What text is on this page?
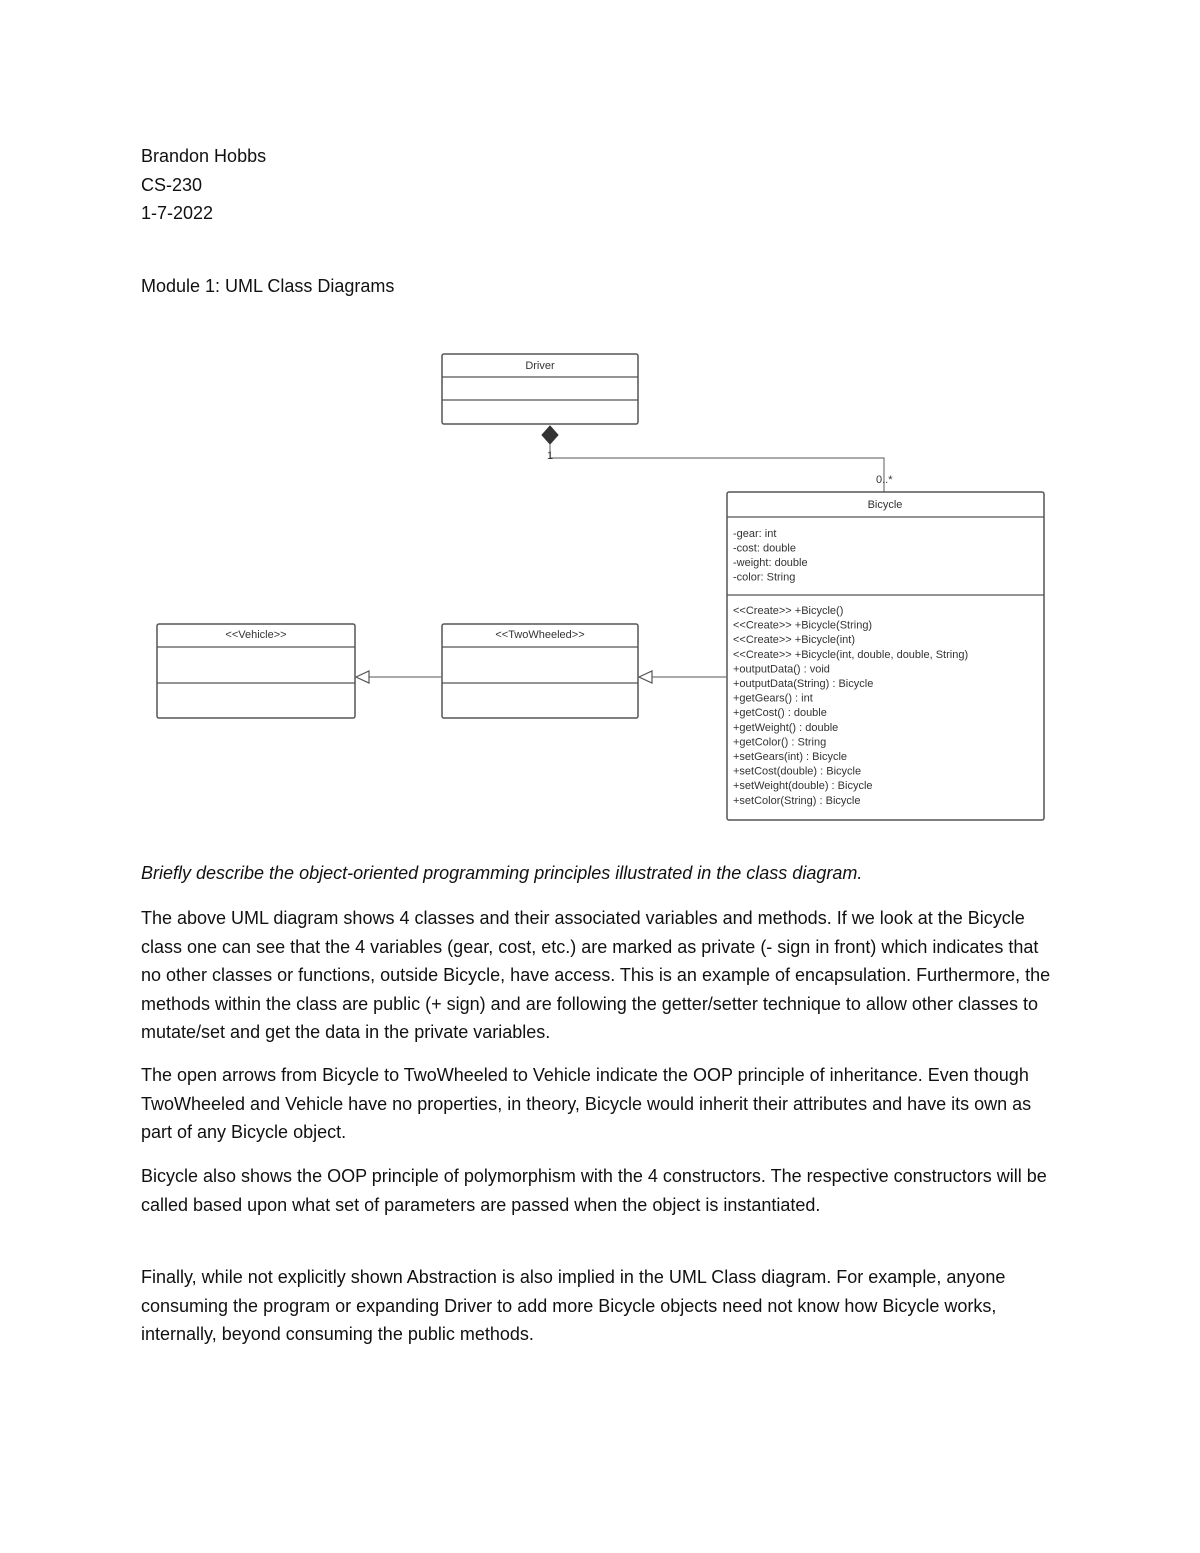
Brandon Hobbs
CS-230
1-7-2022
Module 1: UML Class Diagrams
Driver
1
0..*
Bicycle
-gear: int
-cost: double
-weight: double
-color: String
<<Create>> +Bicycle()
<<Create>> +Bicycle(String)
<<Create>> +Bicycle(int)
<<Create>> +Bicycle(int, double, double, String)
+outputData() : void
+outputData(String) : Bicycle
+getGears() : int
+getCost() : double
+getWeight() : double
+getColor() : String
+setGears(int) : Bicycle
+setCost(double) : Bicycle
+setWeight(double) : Bicycle
+setColor(String) : Bicycle
<<Vehicle>>	<<TwoWheeled>>

Briefly describe the object-oriented programming principles illustrated in the class diagram.

The above UML diagram shows 4 classes and their associated variables and methods. If we look at the Bicycle class one can see that the 4 variables (gear, cost, etc.) are marked as private (- sign in front) which indicates that no other classes or functions, outside Bicycle, have access. This is an example of encapsulation. Furthermore, the methods within the class are public (+ sign) and are following the getter/setter technique to allow other classes to mutate/set and get the data in the private variables.

The open arrows from Bicycle to TwoWheeled to Vehicle indicate the OOP principle of inheritance. Even though TwoWheeled and Vehicle have no properties, in theory, Bicycle would inherit their attributes and have its own as part of any Bicycle object.

Bicycle also shows the OOP principle of polymorphism with the 4 constructors. The respective constructors will be called based upon what set of parameters are passed when the object is instantiated.

Finally, while not explicitly shown Abstraction is also implied in the UML Class diagram. For example, anyone consuming the program or expanding Driver to add more Bicycle objects need not know how Bicycle works, internally, beyond consuming the public methods.
